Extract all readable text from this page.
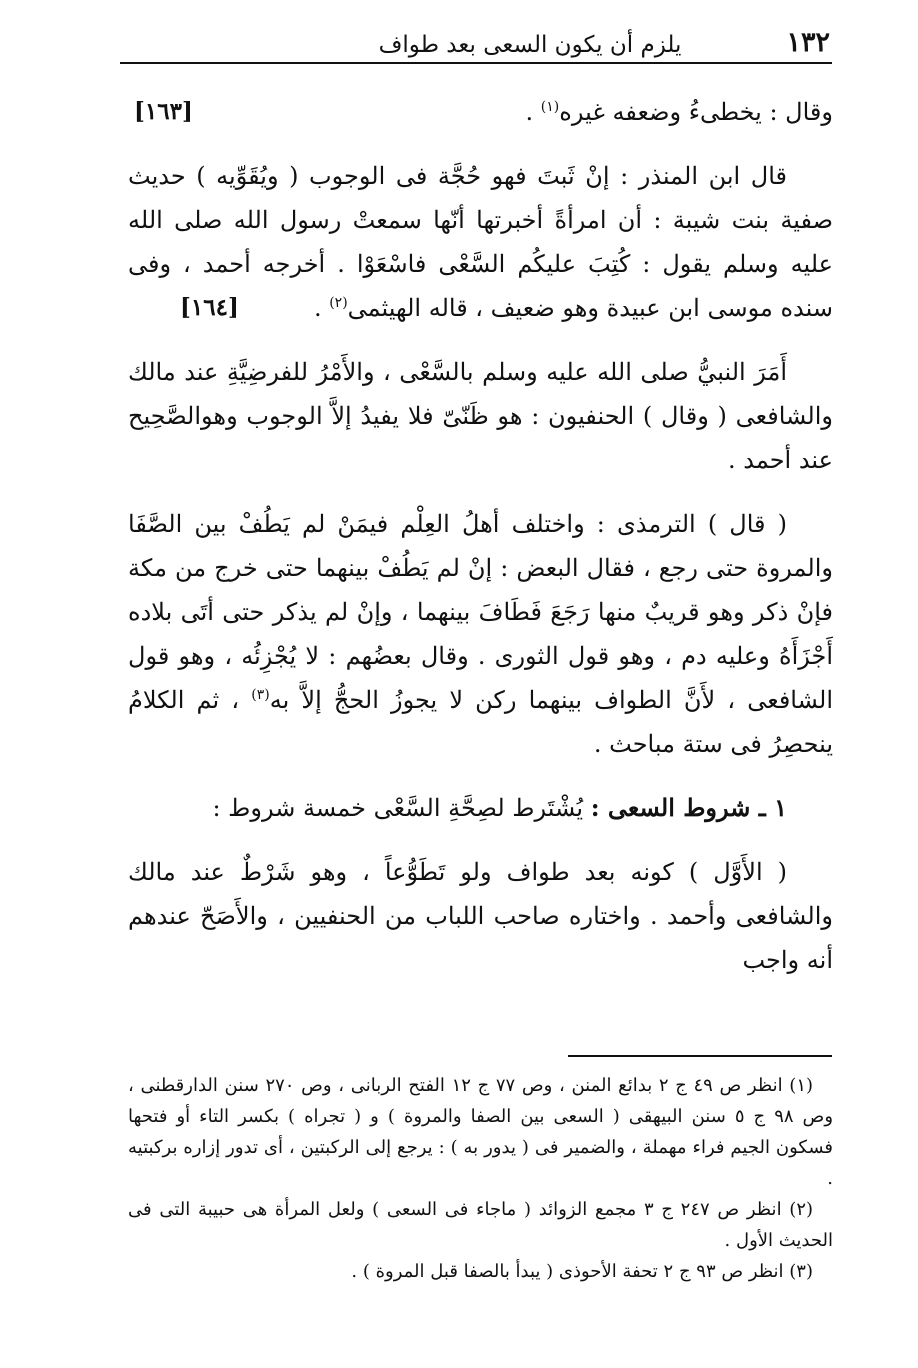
١٣٢
يلزم أن يكون السعى بعد طواف

[١٦٣]	وقال : يخطىءُ وضعفه غيره$^{(١)}$ .

قال ابن المنذر : إنْ ثَبتَ فهو حُجَّة فى الوجوب ( ويُقَوِّيه ) حديث صفية بنت شيبة : أن امرأةً أخبرتها أنّها سمعتْ رسول الله صلى الله عليه وسلم يقول : كُتِبَ عليكُم السَّعْى فاسْعَوْا . أخرجه أحمد ، وفى سنده موسى ابن عبيدة وهو ضعيف ، قاله الهيثمى$^{(٢)}$ .
[١٦٤]

أَمَرَ النبيُّ صلى الله عليه وسلم بالسَّعْى ، والأَمْرُ للفرضِيَّةِ عند مالك والشافعى ( وقال ) الحنفيون : هو ظَنّىّ فلا يفيدُ إلاَّ الوجوب وهوالصَّحِيح عند أحمد .

( قال ) الترمذى : واختلف أهلُ العِلْم فيمَنْ لم يَطُفْ بين الصَّفَا والمروة حتى رجع ، فقال البعض : إنْ لم يَطُفْ بينهما حتى خرج من مكة فإنْ ذكر وهو قريبٌ منها رَجَعَ فَطَافَ بينهما ، وإنْ لم يذكر حتى أتَى بلاده أَجْزَأَهُ وعليه دم ، وهو قول الثورى . وقال بعضُهم : لا يُجْزِئُه ، وهو قول الشافعى ، لأَنَّ الطواف بينهما ركن لا يجوزُ الحجُّ إلاَّ به$^{(٣)}$ ، ثم الكلامُ ينحصِرُ فى ستة مباحث .

١ ـ شروط السعى : يُشْتَرط لصِحَّةِ السَّعْى خمسة شروط :

( الأَوَّل ) كونه بعد طواف ولو تَطَوُّعاً ، وهو شَرْطٌ عند مالك والشافعى وأحمد . واختاره صاحب اللباب من الحنفيين ، والأَصَحّ عندهم أنه واجب

(١) انظر ص ٤٩ ج ٢ بدائع المنن ، وص ٧٧ ج ١٢ الفتح الربانى ، وص ٢٧٠ سنن الدارقطنى ، وص ٩٨ ج ٥ سنن البيهقى ( السعى بين الصفا والمروة ) و ( تجراه ) بكسر التاء أو فتحها فسكون الجيم فراء مهملة ، والضمير فى ( يدور به ) : يرجع إلى الركبتين ، أى تدور إزاره بركبتيه .

(٢) انظر ص ٢٤٧ ج ٣ مجمع الزوائد ( ماجاء فى السعى ) ولعل المرأة هى حبيبة التى فى الحديث الأول .

(٣) انظر ص ٩٣ ج ٢ تحفة الأحوذى ( يبدأ بالصفا قبل المروة ) .
